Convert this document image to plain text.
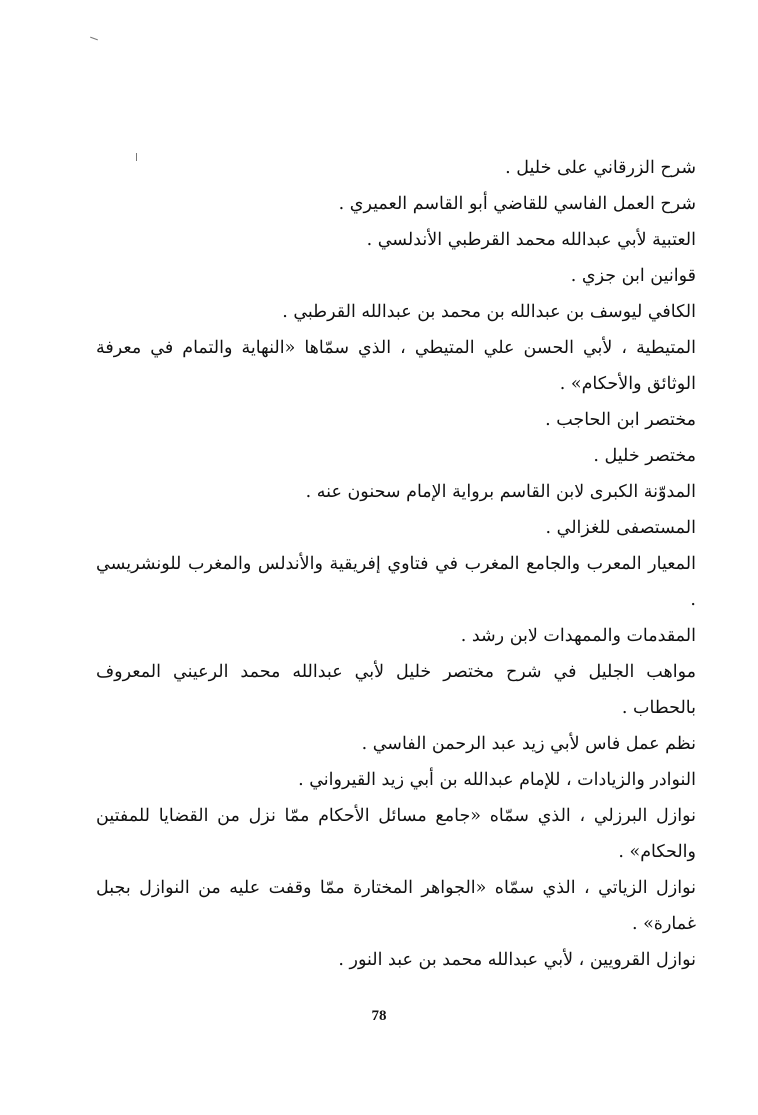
شرح الزرقاني على خليل .

شرح العمل الفاسي للقاضي أبو القاسم العميري .

العتبية لأبي عبدالله محمد القرطبي الأندلسي .

قوانين ابن جزي .

الكافي ليوسف بن عبدالله بن محمد بن عبدالله القرطبي .

المتيطية ، لأبي الحسن علي المتيطي ، الذي سمّاها «النهاية والتمام في معرفة الوثائق والأحكام» .

مختصر ابن الحاجب .

مختصر خليل .

المدوّنة الكبرى لابن القاسم برواية الإمام سحنون عنه .

المستصفى للغزالي .

المعيار المعرب والجامع المغرب في فتاوي إفريقية والأندلس والمغرب للونشريسي .

المقدمات والممهدات لابن رشد .

مواهب الجليل في شرح مختصر خليل لأبي عبدالله محمد الرعيني المعروف بالحطاب .

نظم عمل فاس لأبي زيد عبد الرحمن الفاسي .

النوادر والزيادات ، للإمام عبدالله بن أبي زيد القيرواني .

نوازل البرزلي ، الذي سمّاه «جامع مسائل الأحكام ممّا نزل من القضايا للمفتين والحكام» .

نوازل الزياتي ، الذي سمّاه «الجواهر المختارة ممّا وقفت عليه من النوازل بجبل غمارة» .

نوازل القرويين ، لأبي عبدالله محمد بن عبد النور .

78
